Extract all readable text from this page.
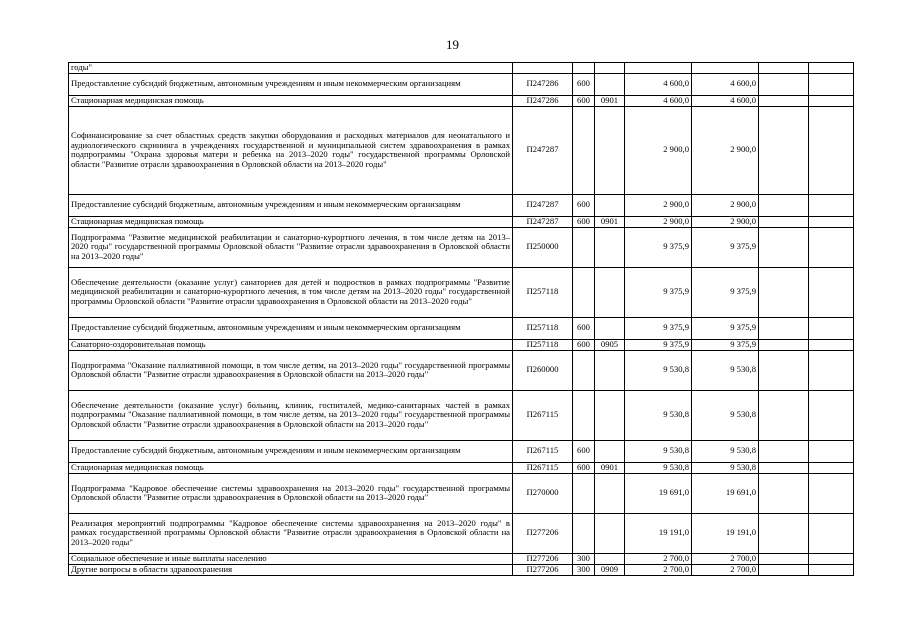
19
годы"							
Предоставление субсидий бюджетным, автономным учреждениям и иным некоммерческим организациям	П247286	600		4 600,0	4 600,0		
Стационарная медицинская помощь	П247286	600	0901	4 600,0	4 600,0		
Софинансирование за счет областных средств закупки оборудования и расходных материалов для неонатального и аудиологического скрининга в учреждениях государственной и муниципальной систем здравоохранения в рамках подпрограммы "Охрана здоровья матери и ребенка на 2013–2020 годы" государственной программы Орловской области "Развитие отрасли здравоохранения в Орловской области на 2013–2020 годы"	П247287			2 900,0	2 900,0		
Предоставление субсидий бюджетным, автономным учреждениям и иным некоммерческим организациям	П247287	600		2 900,0	2 900,0		
Стационарная медицинская помощь	П247287	600	0901	2 900,0	2 900,0		
Подпрограмма "Развитие медицинской реабилитации и санаторно-курортного лечения, в том числе детям на 2013–2020 годы" государственной программы Орловской области "Развитие отрасли здравоохранения в Орловской области на 2013–2020 годы"	П250000			9 375,9	9 375,9		
Обеспечение деятельности (оказание услуг) санаториев для детей и подростков в рамках подпрограммы "Развитие медицинской реабилитации и санаторно-курортного лечения, в том числе детям на 2013–2020 годы" государственной программы Орловской области "Развитие отрасли здравоохранения в Орловской области на 2013–2020 годы"	П257118			9 375,9	9 375,9		
Предоставление субсидий бюджетным, автономным учреждениям и иным некоммерческим организациям	П257118	600		9 375,9	9 375,9		
Санаторно-оздоровительная помощь	П257118	600	0905	9 375,9	9 375,9		
Подпрограмма "Оказание паллиативной помощи, в том числе детям, на 2013–2020 годы" государственной программы Орловской области "Развитие отрасли здравоохранения в Орловской области на 2013–2020 годы"	П260000			9 530,8	9 530,8		
Обеспечение деятельности (оказание услуг) больниц, клиник, госпиталей, медико-санитарных частей в рамках подпрограммы "Оказание паллиативной помощи, в том числе детям, на 2013–2020 годы" государственной программы Орловской области "Развитие отрасли здравоохранения в Орловской области на 2013–2020 годы"	П267115			9 530,8	9 530,8		
Предоставление субсидий бюджетным, автономным учреждениям и иным некоммерческим организациям	П267115	600		9 530,8	9 530,8		
Стационарная медицинская помощь	П267115	600	0901	9 530,8	9 530,8		
Подпрограмма "Кадровое обеспечение системы здравоохранения на 2013–2020 годы" государственной программы Орловской области "Развитие отрасли здравоохранения в Орловской области на 2013–2020 годы"	П270000			19 691,0	19 691,0		
Реализация мероприятий подпрограммы "Кадровое обеспечение системы здравоохранения на 2013–2020 годы" в рамках государственной программы Орловской области "Развитие отрасли здравоохранения в Орловской области на 2013–2020 годы"	П277206			19 191,0	19 191,0		
Социальное обеспечение и иные выплаты населению	П277206	300		2 700,0	2 700,0		
Другие вопросы в области здравоохранения	П277206	300	0909	2 700,0	2 700,0		
